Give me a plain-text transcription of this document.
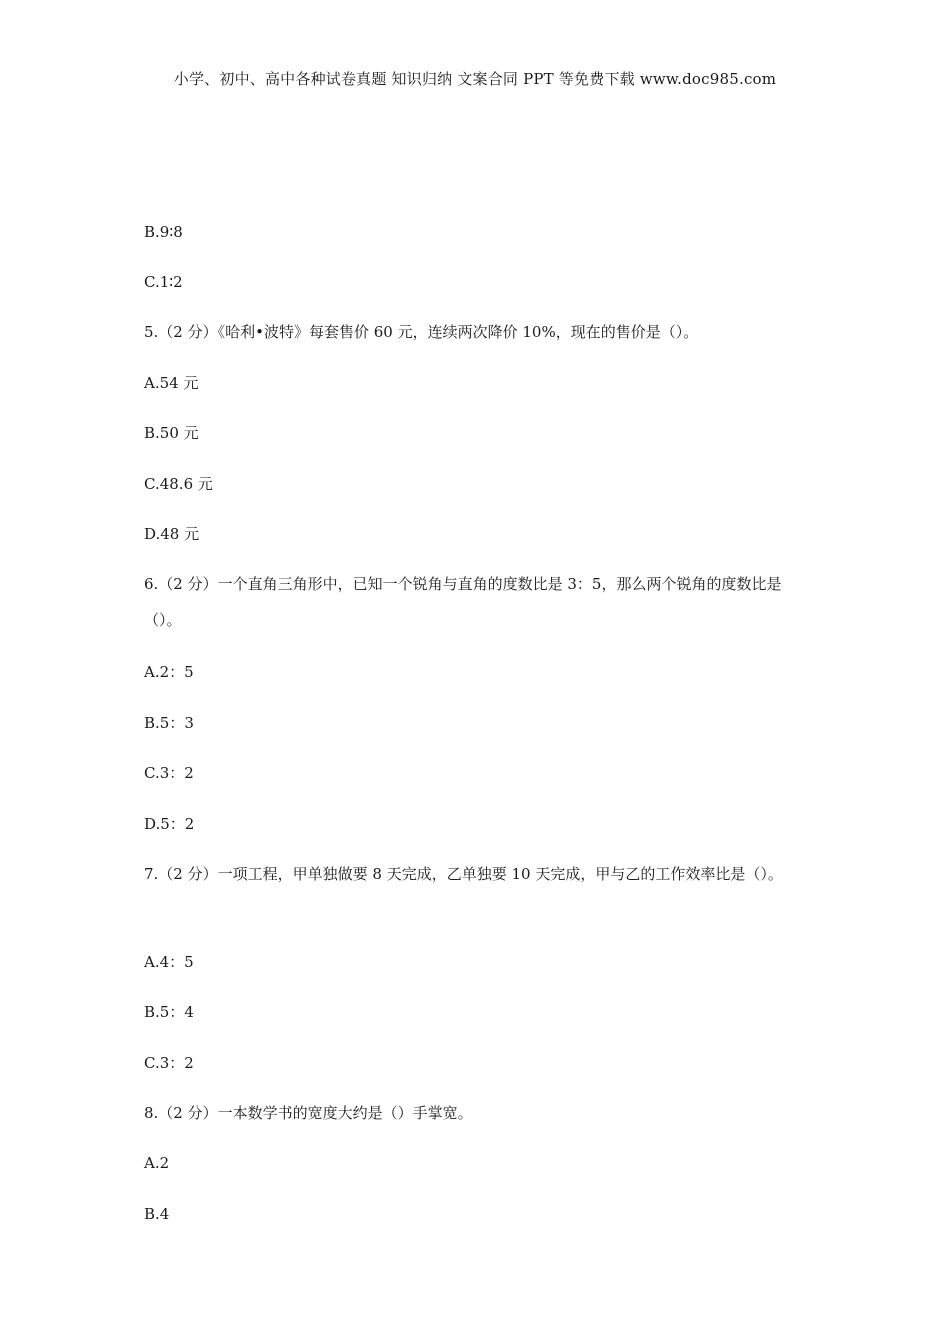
小学、初中、高中各种试卷真题 知识归纳 文案合同 PPT 等免费下载 www.doc985.com
B.9∶8
C.1∶2
5.（2 分）《哈利•波特》每套售价 60 元，连续两次降价 10%，现在的售价是（）。
A.54 元
B.50 元
C.48.6 元
D.48 元
6.（2 分）一个直角三角形中，已知一个锐角与直角的度数比是 3：5，那么两个锐角的度数比是（）。
A.2：5
B.5：3
C.3：2
D.5：2
7.（2 分）一项工程，甲单独做要 8 天完成，乙单独要 10 天完成，甲与乙的工作效率比是（）。
A.4：5
B.5：4
C.3：2
8.（2 分）一本数学书的宽度大约是（）手掌宽。
A.2
B.4
